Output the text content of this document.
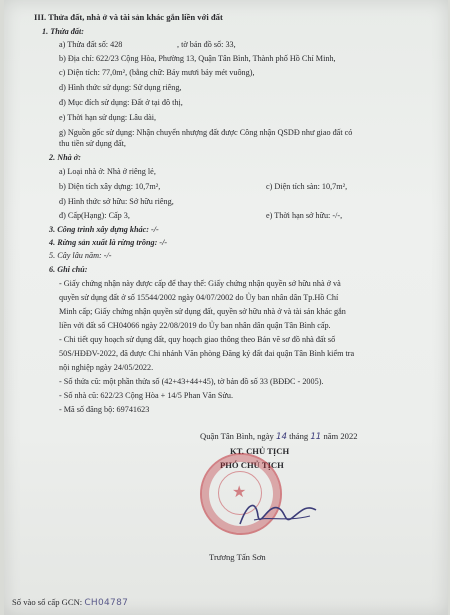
III. Thửa đất, nhà ở và tài sản khác gắn liền với đất
1. Thửa đất:
a) Thửa đất số: 428	, tờ bản đồ số: 33,
b) Địa chỉ: 622/23 Cộng Hòa, Phường 13, Quận Tân Bình, Thành phố Hồ Chí Minh,
c) Diện tích: 77,0m², (bằng chữ: Bảy mươi bảy mét vuông),
d) Hình thức sử dụng: Sử dụng riêng,
đ) Mục đích sử dụng: Đất ở tại đô thị,
e) Thời hạn sử dụng: Lâu dài,
g) Nguồn gốc sử dụng: Nhận chuyển nhượng đất được Công nhận QSDĐ như giao đất có
thu tiền sử dụng đất,
2. Nhà ở:
a) Loại nhà ở: Nhà ở riêng lẻ,
b) Diện tích xây dựng: 10,7m²,	c) Diện tích sàn: 10,7m²,
d) Hình thức sở hữu: Sở hữu riêng,
đ) Cấp(Hạng): Cấp 3,	e) Thời hạn sở hữu: -/-,
3. Công trình xây dựng khác: -/-
4. Rừng sản xuất là rừng trồng: -/-
5. Cây lâu năm: -/-
6. Ghi chú:
- Giấy chứng nhận này được cấp để thay thế: Giấy chứng nhận quyền sở hữu nhà ở và
quyền sử dụng đất ở số 15544/2002 ngày 04/07/2002 do Ủy ban nhân dân Tp.Hồ Chí
Minh cấp; Giấy chứng nhận quyền sử dụng đất, quyền sở hữu nhà ở và tài sản khác gắn
liền với đất số CH04066 ngày 22/08/2019 do Ủy ban nhân dân quận Tân Bình cấp.
- Chi tiết quy hoạch sử dụng đất, quy hoạch giao thông theo Bản vẽ sơ đồ nhà đất số
50S/HĐĐV-2022, đã được Chi nhánh Văn phòng Đăng ký đất đai quận Tân Bình kiểm tra
nội nghiệp ngày 24/05/2022.
- Số thửa cũ: một phần thửa số (42+43+44+45), tờ bản đồ số 33 (BĐĐC - 2005).
- Số nhà cũ: 622/23 Cộng Hòa + 14/5 Phan Văn Sửu.
- Mã số đăng bộ: 69741623
Quận Tân Bình, ngày 14 tháng 11 năm 2022
KT. CHỦ TỊCH
PHÓ CHỦ TỊCH
★
Trương Tấn Sơn
Số vào sổ cấp GCN: CH04787
